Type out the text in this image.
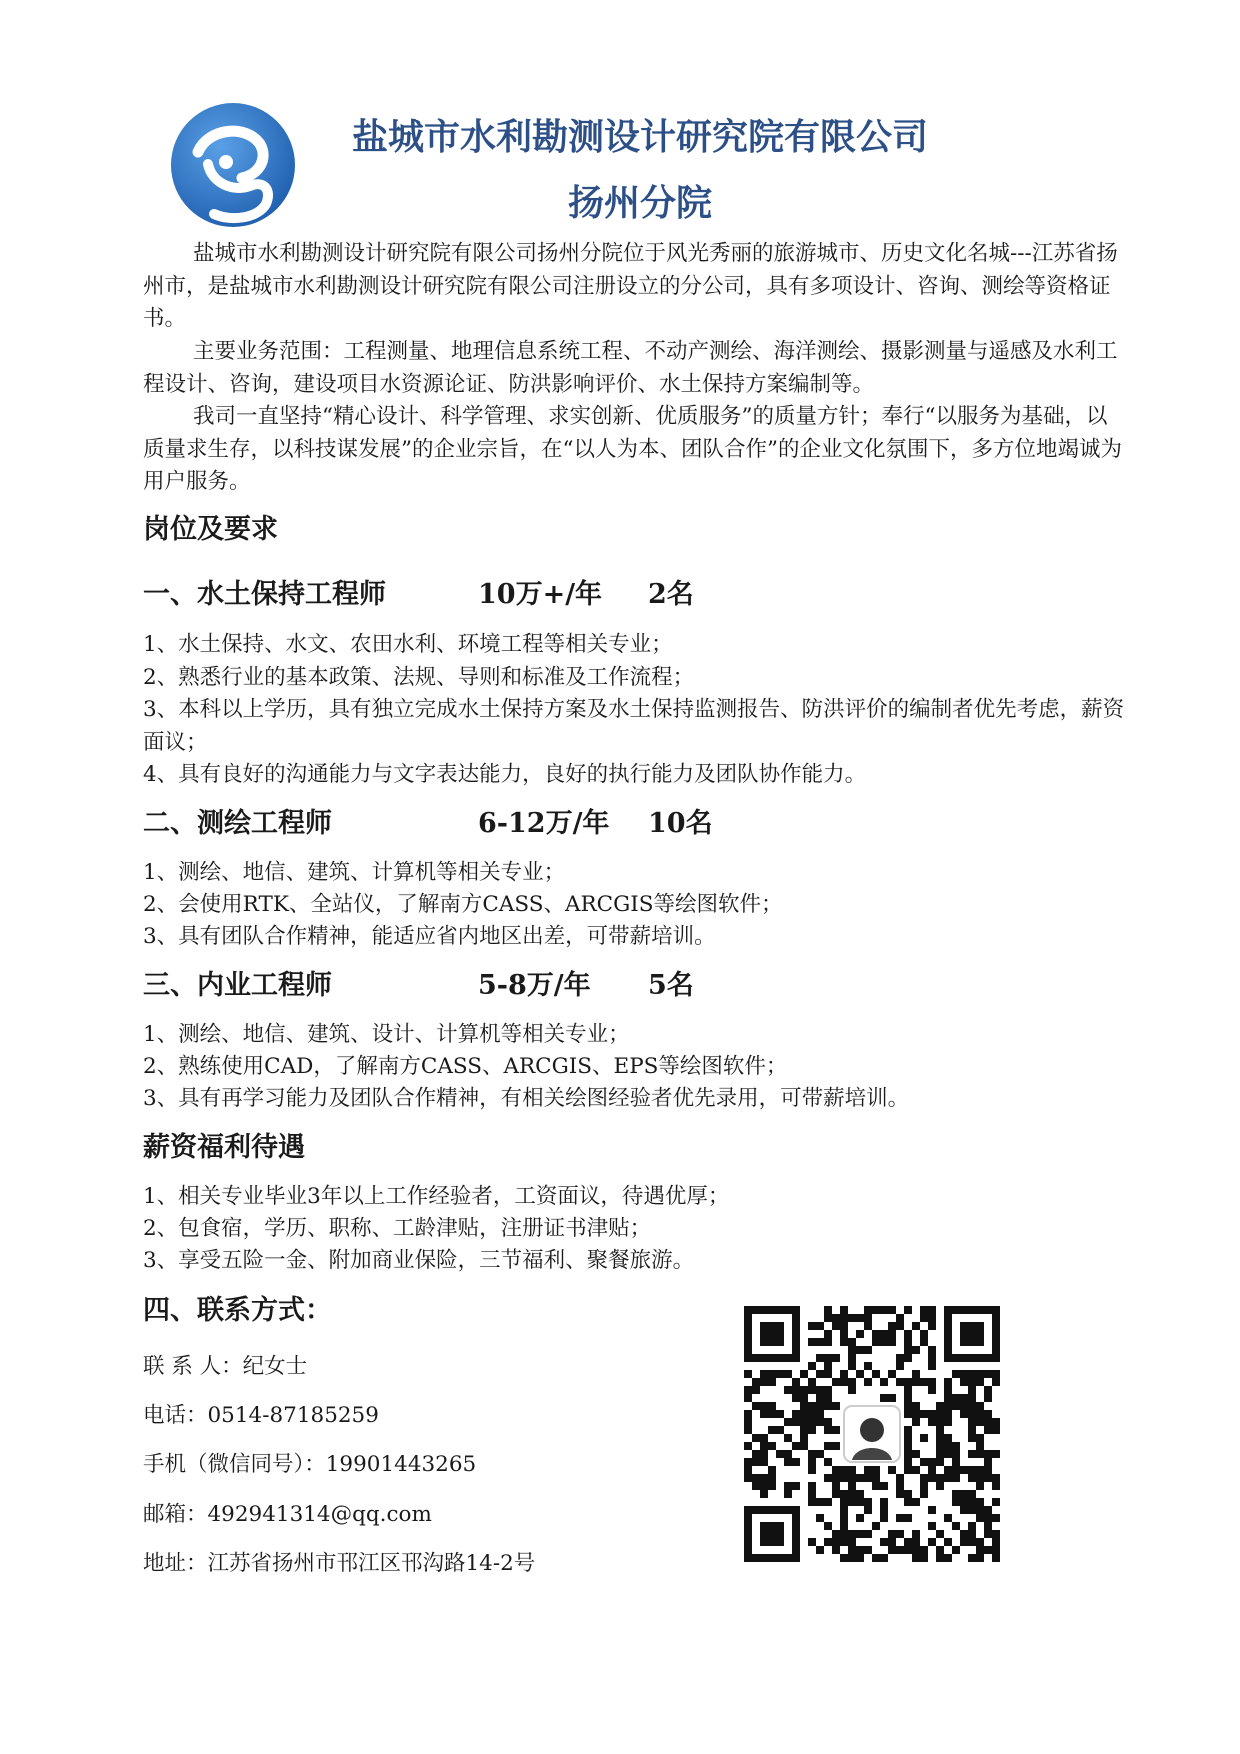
盐城市水利勘测设计研究院有限公司
扬州分院

盐城市水利勘测设计研究院有限公司扬州分院位于风光秀丽的旅游城市、历史文化名城---江苏省扬州市，是盐城市水利勘测设计研究院有限公司注册设立的分公司，具有多项设计、咨询、测绘等资格证书。

主要业务范围：工程测量、地理信息系统工程、不动产测绘、海洋测绘、摄影测量与遥感及水利工程设计、咨询，建设项目水资源论证、防洪影响评价、水土保持方案编制等。

我司一直坚持“精心设计、科学管理、求实创新、优质服务”的质量方针；奉行“以服务为基础，以质量求生存，以科技谋发展”的企业宗旨，在“以人为本、团队合作”的企业文化氛围下，多方位地竭诚为用户服务。

岗位及要求
一、水土保持工程师	10万+/年 2名

1、水土保持、水文、农田水利、环境工程等相关专业；

2、熟悉行业的基本政策、法规、导则和标准及工作流程；

3、本科以上学历，具有独立完成水土保持方案及水土保持监测报告、防洪评价的编制者优先考虑，薪资面议；

4、具有良好的沟通能力与文字表达能力，良好的执行能力及团队协作能力。

二、测绘工程师	6-12万/年 10名

1、测绘、地信、建筑、计算机等相关专业；

2、会使用RTK、全站仪，了解南方CASS、ARCGIS等绘图软件；

3、具有团队合作精神，能适应省内地区出差，可带薪培训。

三、内业工程师	5-8万/年 5名

1、测绘、地信、建筑、设计、计算机等相关专业；

2、熟练使用CAD，了解南方CASS、ARCGIS、EPS等绘图软件；

3、具有再学习能力及团队合作精神，有相关绘图经验者优先录用，可带薪培训。

薪资福利待遇

1、相关专业毕业3年以上工作经验者，工资面议，待遇优厚；

2、包食宿，学历、职称、工龄津贴，注册证书津贴；

3、享受五险一金、附加商业保险，三节福利、聚餐旅游。

四、联系方式：
联 系 人：纪女士
电话：0514-87185259
手机（微信同号）：19901443265
邮箱：492941314@qq.com
地址：江苏省扬州市邗江区邗沟路14-2号
